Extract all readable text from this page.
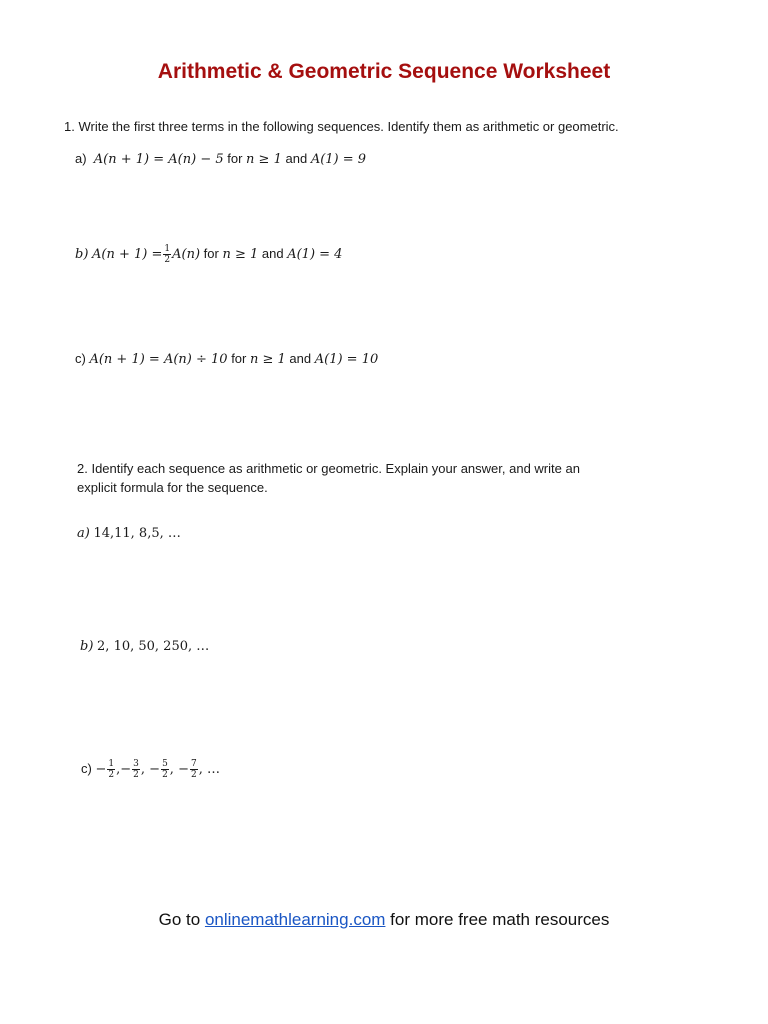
Arithmetic & Geometric Sequence Worksheet
1. Write the first three terms in the following sequences. Identify them as arithmetic or geometric.
a) A(n + 1) = A(n) − 5 for n ≥ 1 and A(1) = 9
b) $A(n + 1) = \frac{1}{2} A(n)$ for n ≥ 1 and A(1) = 4
c) A(n + 1) = A(n) ÷ 10 for n ≥ 1 and A(1) = 10
2. Identify each sequence as arithmetic or geometric. Explain your answer, and write an
explicit formula for the sequence.
a) 14,11, 8,5, …
b) 2, 10, 50, 250, …
$c) - \frac{1}{2}$ ,− $\frac{3}{2}$ , − $\frac{5}{2}$ , − $\frac{7}{2}$ , …
Go to onlinemathlearning.com for more free math resources
